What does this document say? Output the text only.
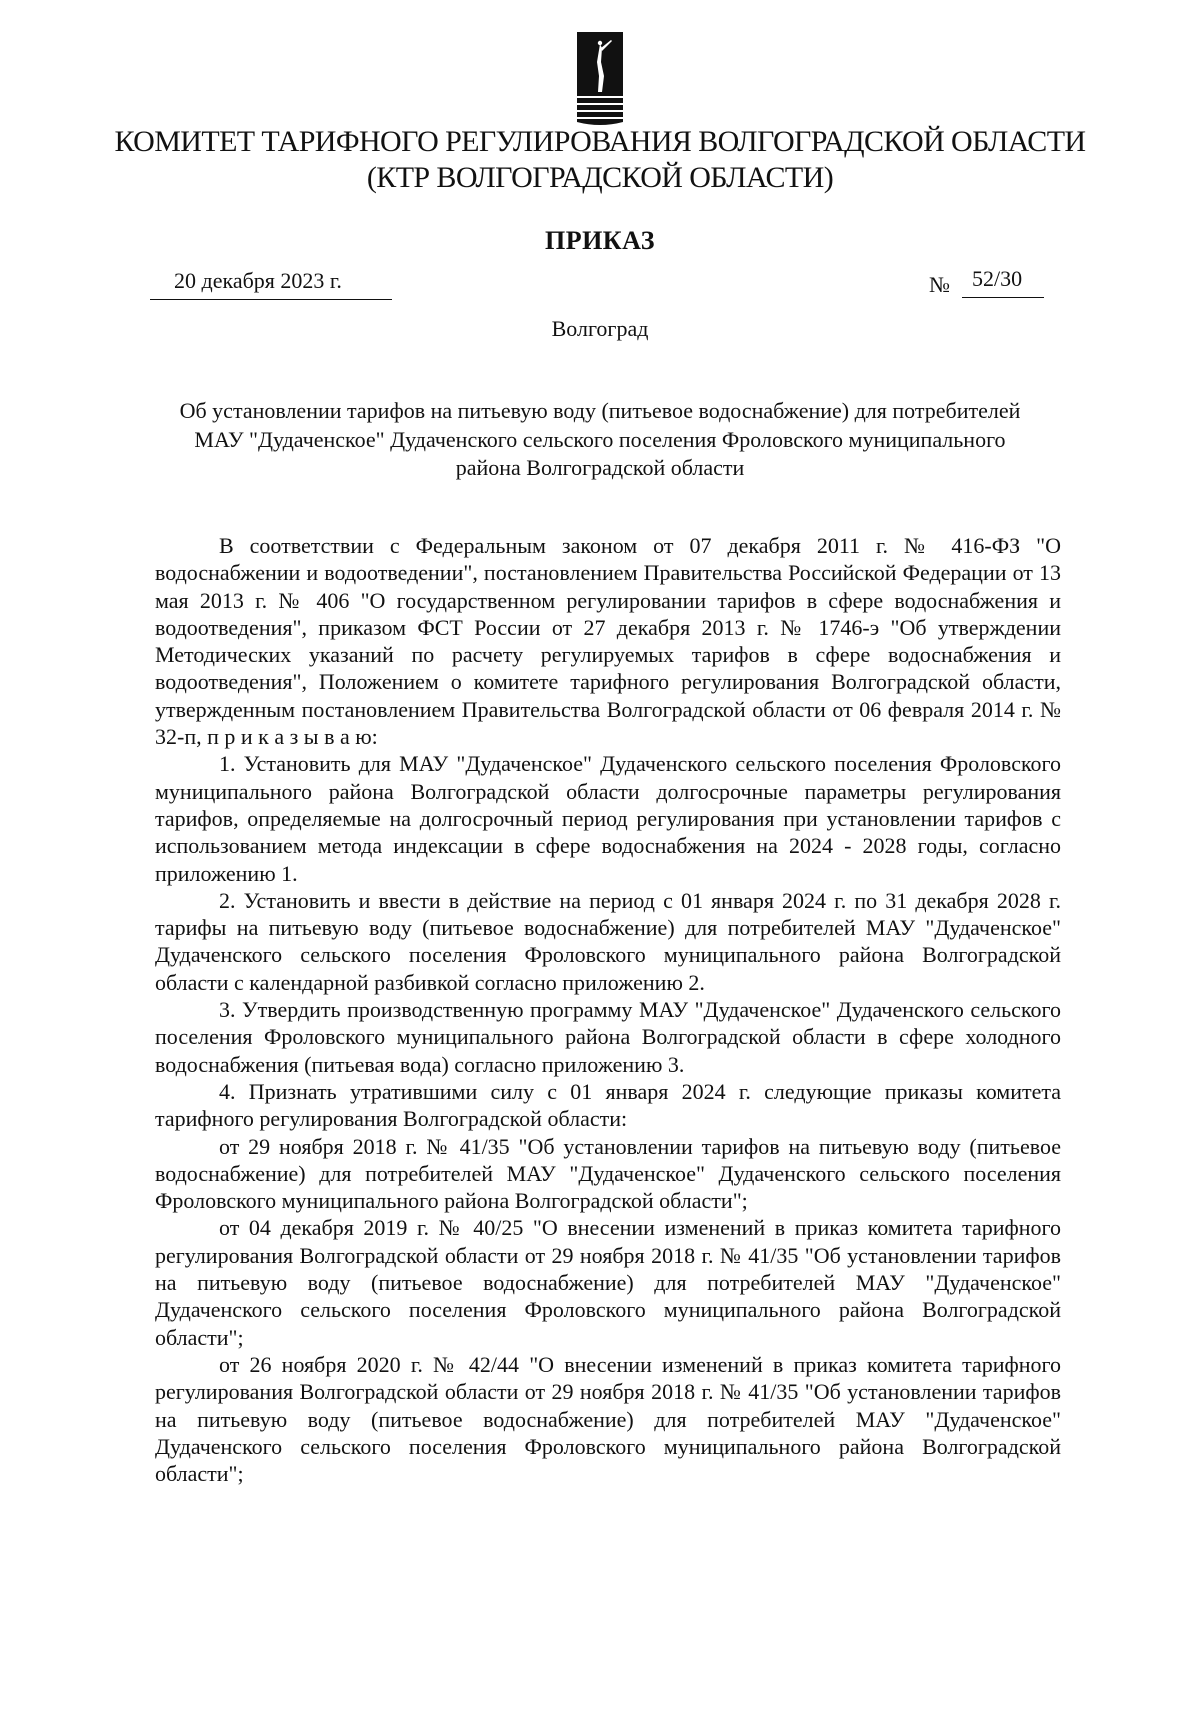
КОМИТЕТ ТАРИФНОГО РЕГУЛИРОВАНИЯ ВОЛГОГРАДСКОЙ ОБЛАСТИ
(КТР ВОЛГОГРАДСКОЙ ОБЛАСТИ)
ПРИКАЗ
20 декабря 2023 г.	№	52/30
Волгоград
Об установлении тарифов на питьевую воду (питьевое водоснабжение) для потребителей МАУ "Дудаченское" Дудаченского сельского поселения Фроловского муниципального района Волгоградской области

В соответствии с Федеральным законом от 07 декабря 2011 г. № 416-ФЗ "О водоснабжении и водоотведении", постановлением Правительства Российской Федерации от 13 мая 2013 г. № 406 "О государственном регулировании тарифов в сфере водоснабжения и водоотведения", приказом ФСТ России от 27 декабря 2013 г. № 1746-э "Об утверждении Методических указаний по расчету регулируемых тарифов в сфере водоснабжения и водоотведения", Положением о комитете тарифного регулирования Волгоградской области, утвержденным постановлением Правительства Волгоградской области от 06 февраля 2014 г. № 32-п, п р и к а з ы в а ю:

1. Установить для МАУ "Дудаченское" Дудаченского сельского поселения Фроловского муниципального района Волгоградской области долгосрочные параметры регулирования тарифов, определяемые на долгосрочный период регулирования при установлении тарифов с использованием метода индексации в сфере водоснабжения на 2024 - 2028 годы, согласно приложению 1.

2. Установить и ввести в действие на период с 01 января 2024 г. по 31 декабря 2028 г. тарифы на питьевую воду (питьевое водоснабжение) для потребителей МАУ "Дудаченское" Дудаченского сельского поселения Фроловского муниципального района Волгоградской области с календарной разбивкой согласно приложению 2.

3. Утвердить производственную программу МАУ "Дудаченское" Дудаченского сельского поселения Фроловского муниципального района Волгоградской области в сфере холодного водоснабжения (питьевая вода) согласно приложению 3.

4. Признать утратившими силу с 01 января 2024 г. следующие приказы комитета тарифного регулирования Волгоградской области:

от 29 ноября 2018 г. № 41/35 "Об установлении тарифов на питьевую воду (питьевое водоснабжение) для потребителей МАУ "Дудаченское" Дудаченского сельского поселения Фроловского муниципального района Волгоградской области";

от 04 декабря 2019 г. № 40/25 "О внесении изменений в приказ комитета тарифного регулирования Волгоградской области от 29 ноября 2018 г. № 41/35 "Об установлении тарифов на питьевую воду (питьевое водоснабжение) для потребителей МАУ "Дудаченское" Дудаченского сельского поселения Фроловского муниципального района Волгоградской области";

от 26 ноября 2020 г. № 42/44 "О внесении изменений в приказ комитета тарифного регулирования Волгоградской области от 29 ноября 2018 г. № 41/35 "Об установлении тарифов на питьевую воду (питьевое водоснабжение) для потребителей МАУ "Дудаченское" Дудаченского сельского поселения Фроловского муниципального района Волгоградской области";
